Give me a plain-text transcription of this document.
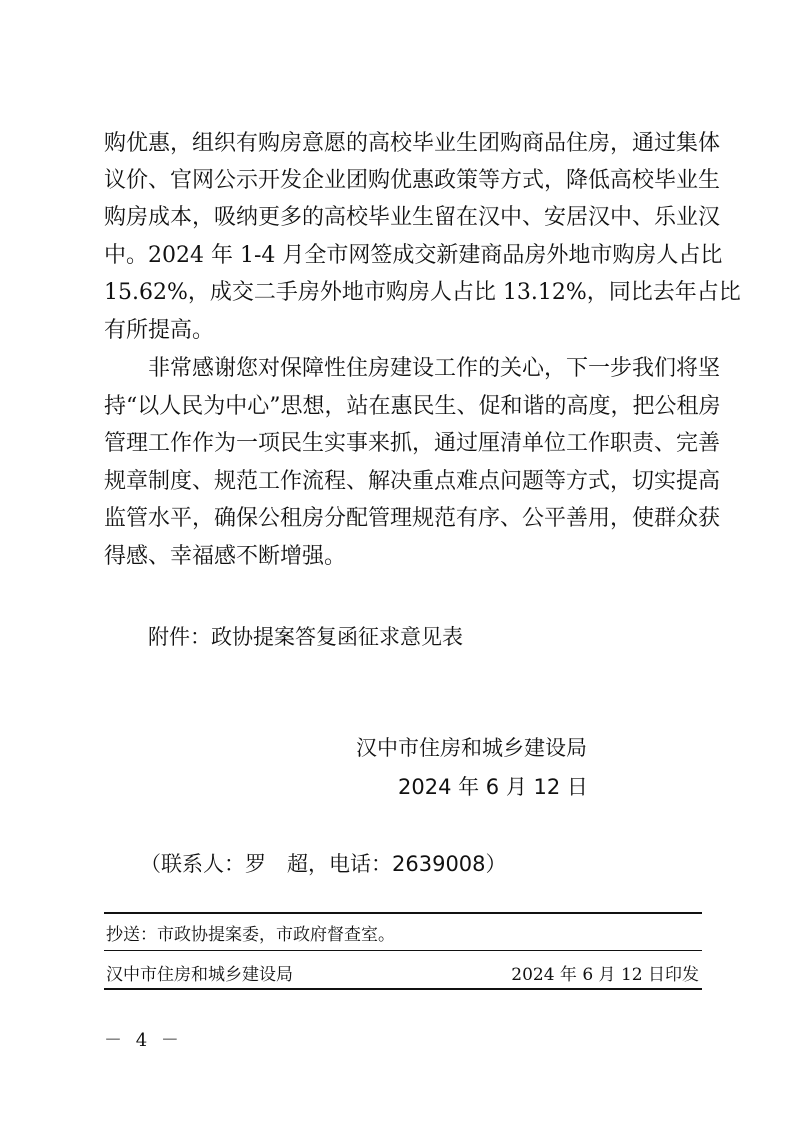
购优惠，组织有购房意愿的高校毕业生团购商品住房，通过集体
议价、官网公示开发企业团购优惠政策等方式，降低高校毕业生
购房成本，吸纳更多的高校毕业生留在汉中、安居汉中、乐业汉
中。2024 年 1-4 月全市网签成交新建商品房外地市购房人占比
15.62%，成交二手房外地市购房人占比 13.12%，同比去年占比
有所提高。
非常感谢您对保障性住房建设工作的关心，下一步我们将坚
持“以人民为中心”思想，站在惠民生、促和谐的高度，把公租房
管理工作作为一项民生实事来抓，通过厘清单位工作职责、完善
规章制度、规范工作流程、解决重点难点问题等方式，切实提高
监管水平，确保公租房分配管理规范有序、公平善用，使群众获
得感、幸福感不断增强。
附件：政协提案答复函征求意见表
汉中市住房和城乡建设局
2024 年 6 月 12 日
（联系人：罗　超，电话：2639008）
抄送：市政协提案委，市政府督查室。
汉中市住房和城乡建设局	2024 年 6 月 12 日印发
－ 4 －
